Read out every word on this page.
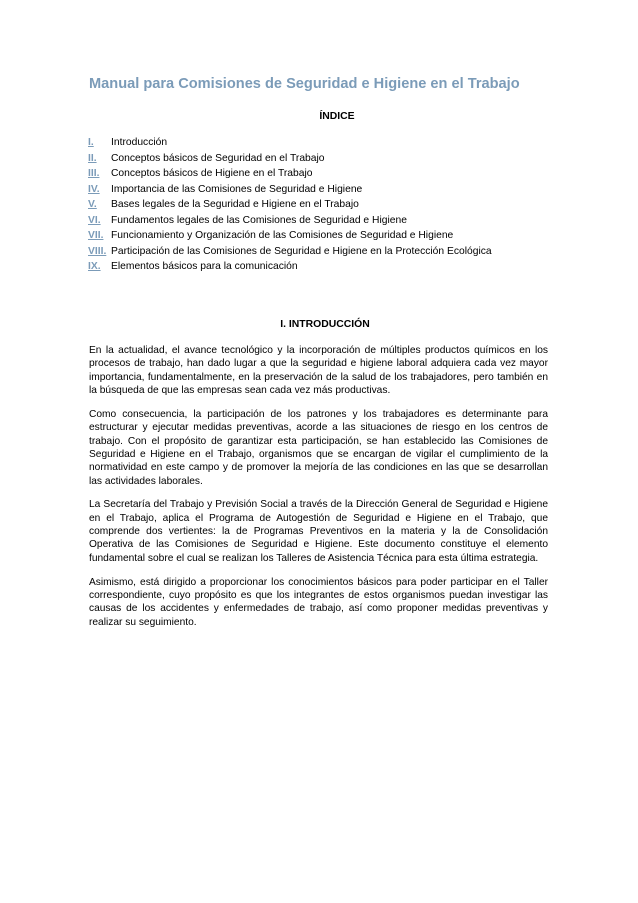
Manual para Comisiones de Seguridad e Higiene en el Trabajo
ÍNDICE
I.	Introducción
II.	Conceptos básicos de Seguridad en el Trabajo
III.	Conceptos básicos de Higiene en el Trabajo
IV.	Importancia de las Comisiones de Seguridad e Higiene
V.	Bases legales de la Seguridad e Higiene en el Trabajo
VI.	Fundamentos legales de las Comisiones de Seguridad e Higiene
VII. Funcionamiento y Organización de las Comisiones de Seguridad e Higiene
VIII. Participación de las Comisiones de Seguridad e Higiene en la Protección Ecológica
IX.	Elementos básicos para la comunicación
I. INTRODUCCIÓN

En la actualidad, el avance tecnológico y la incorporación de múltiples productos químicos en los procesos de trabajo, han dado lugar a que la seguridad e higiene laboral adquiera cada vez mayor importancia, fundamentalmente, en la preservación de la salud de los trabajadores, pero también en la búsqueda de que las empresas sean cada vez más productivas.

Como consecuencia, la participación de los patrones y los trabajadores es determinante para estructurar y ejecutar medidas preventivas, acorde a las situaciones de riesgo en los centros de trabajo. Con el propósito de garantizar esta participación, se han establecido las Comisiones de Seguridad e Higiene en el Trabajo, organismos que se encargan de vigilar el cumplimiento de la normatividad en este campo y de promover la mejoría de las condiciones en las que se desarrollan las actividades laborales.

La Secretaría del Trabajo y Previsión Social a través de la Dirección General de Seguridad e Higiene en el Trabajo, aplica el Programa de Autogestión de Seguridad e Higiene en el Trabajo, que comprende dos vertientes: la de Programas Preventivos en la materia y la de Consolidación Operativa de las Comisiones de Seguridad e Higiene. Este documento constituye el elemento fundamental sobre el cual se realizan los Talleres de Asistencia Técnica para esta última estrategia.

Asimismo, está dirigido a proporcionar los conocimientos básicos para poder participar en el Taller correspondiente, cuyo propósito es que los integrantes de estos organismos puedan investigar las causas de los accidentes y enfermedades de trabajo, así como proponer medidas preventivas y realizar su seguimiento.
